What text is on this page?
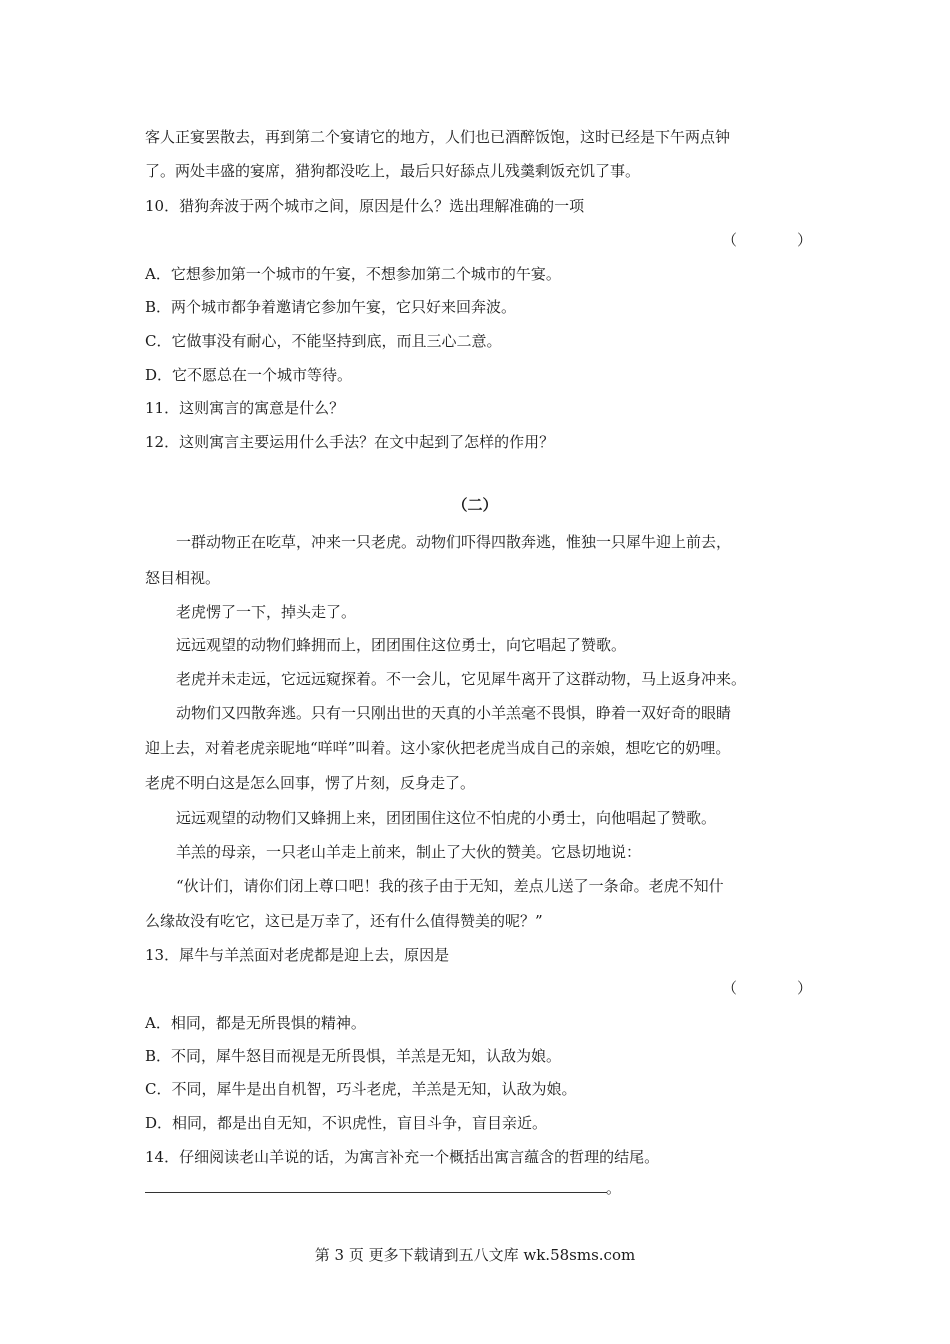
客人正宴罢散去，再到第二个宴请它的地方，人们也已酒醉饭饱，这时已经是下午两点钟
了。两处丰盛的宴席，猎狗都没吃上，最后只好舔点儿残羹剩饭充饥了事。
10．猎狗奔波于两个城市之间，原因是什么？选出理解准确的一项
（　　　　）
A．它想参加第一个城市的午宴，不想参加第二个城市的午宴。
B．两个城市都争着邀请它参加午宴，它只好来回奔波。
C．它做事没有耐心，不能坚持到底，而且三心二意。
D．它不愿总在一个城市等待。
11．这则寓言的寓意是什么？
12．这则寓言主要运用什么手法？在文中起到了怎样的作用？
（二）
一群动物正在吃草，冲来一只老虎。动物们吓得四散奔逃，惟独一只犀牛迎上前去，
怒目相视。
老虎愣了一下，掉头走了。
远远观望的动物们蜂拥而上，团团围住这位勇士，向它唱起了赞歌。
老虎并未走远，它远远窥探着。不一会儿，它见犀牛离开了这群动物，马上返身冲来。
动物们又四散奔逃。只有一只刚出世的天真的小羊羔毫不畏惧，睁着一双好奇的眼睛
迎上去，对着老虎亲昵地“咩咩”叫着。这小家伙把老虎当成自己的亲娘，想吃它的奶哩。
老虎不明白这是怎么回事，愣了片刻，反身走了。
远远观望的动物们又蜂拥上来，团团围住这位不怕虎的小勇士，向他唱起了赞歌。
羊羔的母亲，一只老山羊走上前来，制止了大伙的赞美。它恳切地说：
“伙计们，请你们闭上尊口吧！我的孩子由于无知，差点儿送了一条命。老虎不知什
么缘故没有吃它，这已是万幸了，还有什么值得赞美的呢？”
13．犀牛与羊羔面对老虎都是迎上去，原因是
（　　　　）
A．相同，都是无所畏惧的精神。
B．不同，犀牛怒目而视是无所畏惧，羊羔是无知，认敌为娘。
C．不同，犀牛是出自机智，巧斗老虎，羊羔是无知，认敌为娘。
D．相同，都是出自无知，不识虎性，盲目斗争，盲目亲近。
14．仔细阅读老山羊说的话，为寓言补充一个概括出寓言蕴含的哲理的结尾。
。
第 3 页 更多下载请到五八文库 wk.58sms.com
